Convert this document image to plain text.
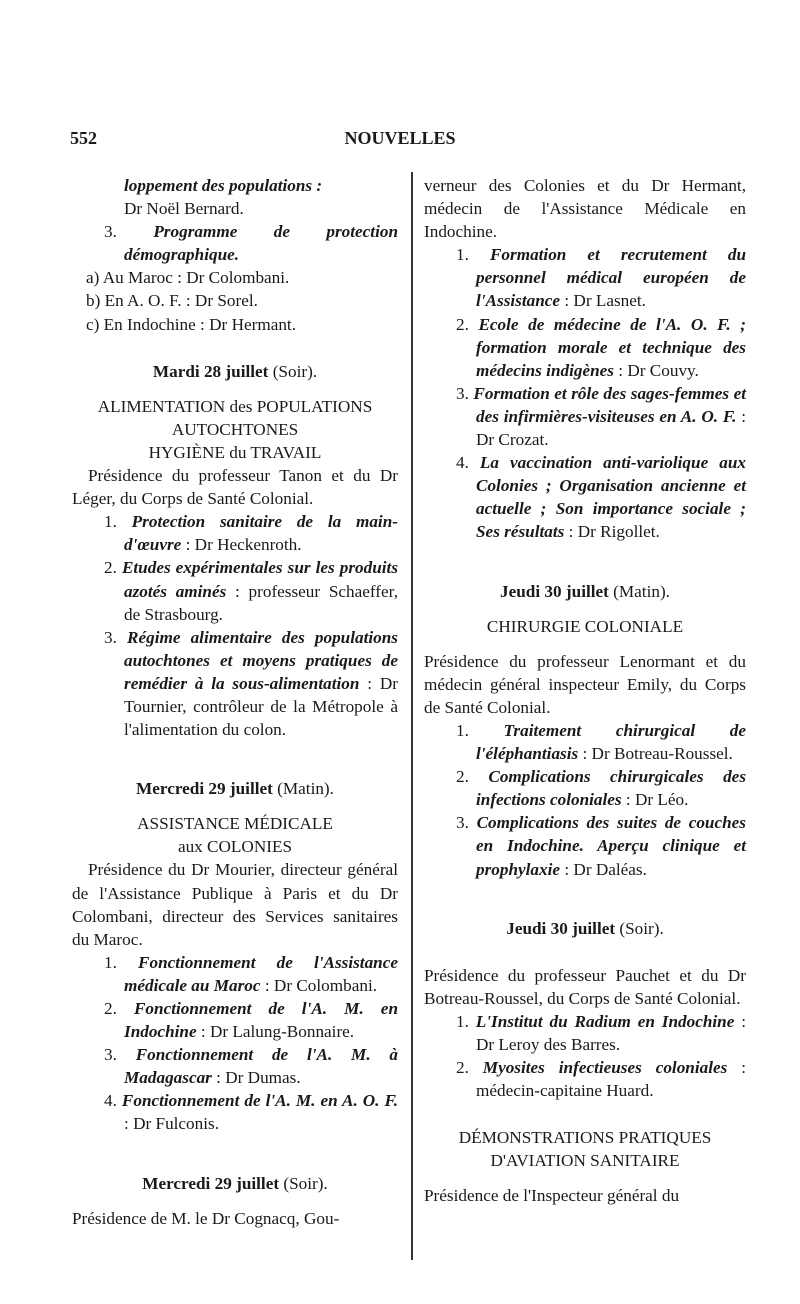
552	NOUVELLES

loppement des populations :

Dr Noël Bernard.

3. Programme de protection démographique.

a) Au Maroc : Dr Colombani.

b) En A. O. F. : Dr Sorel.

c) En Indochine : Dr Hermant.

Mardi 28 juillet (Soir).

ALIMENTATION des POPULATIONS

AUTOCHTONES

HYGIÈNE du TRAVAIL

Présidence du professeur Tanon et du Dr Léger, du Corps de Santé Colonial.

1. Protection sanitaire de la main-d'œuvre : Dr Heckenroth.

2. Etudes expérimentales sur les produits azotés aminés : professeur Schaeffer, de Strasbourg.

3. Régime alimentaire des populations autochtones et moyens pratiques de remédier à la sous-alimentation : Dr Tournier, contrôleur de la Métropole à l'alimentation du colon.

Mercredi 29 juillet (Matin).

ASSISTANCE MÉDICALE

aux COLONIES

Présidence du Dr Mourier, directeur général de l'Assistance Publique à Paris et du Dr Colombani, directeur des Services sanitaires du Maroc.

1. Fonctionnement de l'Assistance médicale au Maroc : Dr Colombani.

2. Fonctionnement de l'A. M. en Indochine : Dr Lalung-Bonnaire.

3. Fonctionnement de l'A. M. à Madagascar : Dr Dumas.

4. Fonctionnement de l'A. M. en A. O. F. : Dr Fulconis.

Mercredi 29 juillet (Soir).

Présidence de M. le Dr Cognacq, Gou-

verneur des Colonies et du Dr Hermant, médecin de l'Assistance Médicale en Indochine.

1. Formation et recrutement du personnel médical européen de l'Assistance : Dr Lasnet.

2. Ecole de médecine de l'A. O. F. ; formation morale et technique des médecins indigènes : Dr Couvy.

3. Formation et rôle des sages-femmes et des infirmières-visiteuses en A. O. F. : Dr Crozat.

4. La vaccination anti-variolique aux Colonies ; Organisation ancienne et actuelle ; Son importance sociale ; Ses résultats : Dr Rigollet.

Jeudi 30 juillet (Matin).

CHIRURGIE COLONIALE

Présidence du professeur Lenormant et du médecin général inspecteur Emily, du Corps de Santé Colonial.

1. Traitement chirurgical de l'éléphantiasis : Dr Botreau-Roussel.

2. Complications chirurgicales des infections coloniales : Dr Léo.

3. Complications des suites de couches en Indochine. Aperçu clinique et prophylaxie : Dr Daléas.

Jeudi 30 juillet (Soir).

Présidence du professeur Pauchet et du Dr Botreau-Roussel, du Corps de Santé Colonial.

1. L'Institut du Radium en Indochine : Dr Leroy des Barres.

2. Myosites infectieuses coloniales : médecin-capitaine Huard.

DÉMONSTRATIONS PRATIQUES

D'AVIATION SANITAIRE

Présidence de l'Inspecteur général du
